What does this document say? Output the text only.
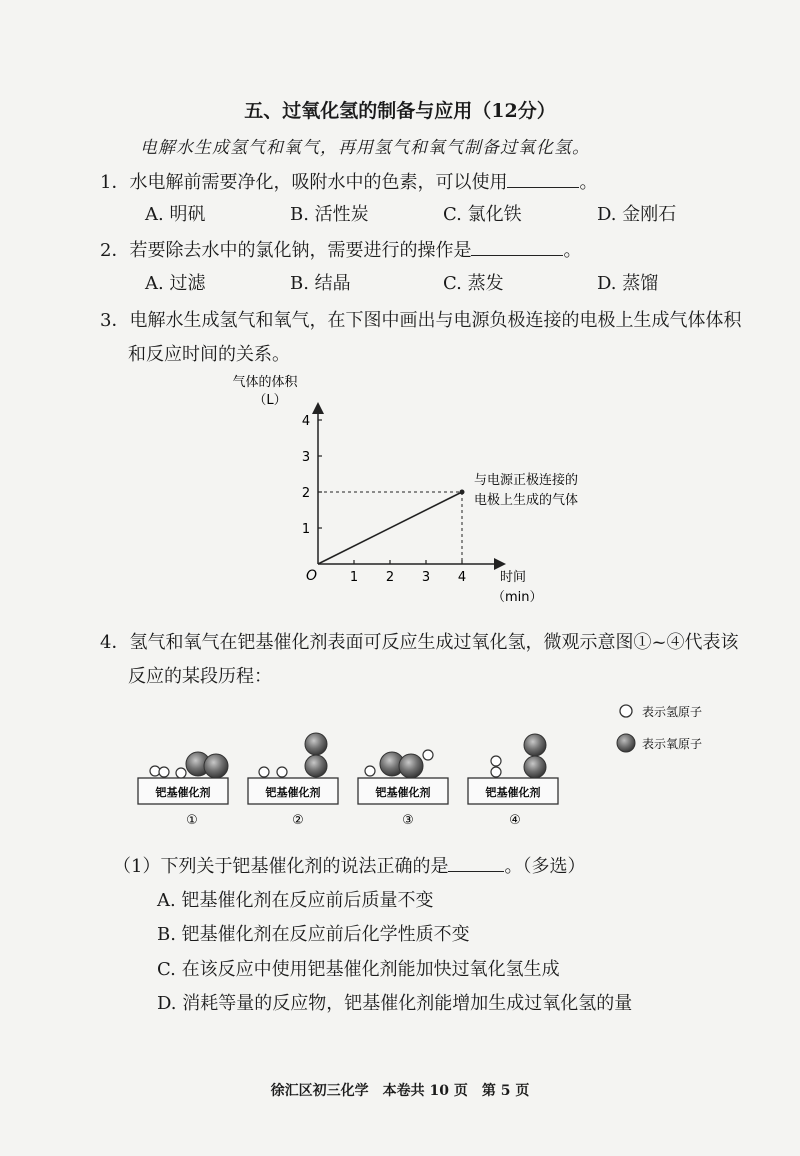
五、过氧化氢的制备与应用（12分）
电解水生成氢气和氧气，再用氢气和氧气制备过氧化氢。
1．水电解前需要净化，吸附水中的色素，可以使用	。
A. 明矾	B. 活性炭	C. 氯化铁	D. 金刚石
2．若要除去水中的氯化钠，需要进行的操作是	。
A. 过滤	B. 结晶	C. 蒸发	D. 蒸馏
3．电解水生成氢气和氧气，在下图中画出与电源负极连接的电极上生成气体体积
和反应时间的关系。
气体的体积
（L）
时间
（min）
O	1 2 3 4
1
2
3
4
与电源正极连接的
电极上生成的气体
4．氢气和氧气在钯基催化剂表面可反应生成过氧化氢，微观示意图①~④代表该
反应的某段历程：
表示氢原子
表示氧原子
钯基催化剂
①
钯基催化剂
②
钯基催化剂
③
钯基催化剂
④
（1）下列关于钯基催化剂的说法正确的是	。（多选）
A. 钯基催化剂在反应前后质量不变
B. 钯基催化剂在反应前后化学性质不变
C. 在该反应中使用钯基催化剂能加快过氧化氢生成
D. 消耗等量的反应物，钯基催化剂能增加生成过氧化氢的量
徐汇区初三化学　本卷共 10 页　第 5 页
